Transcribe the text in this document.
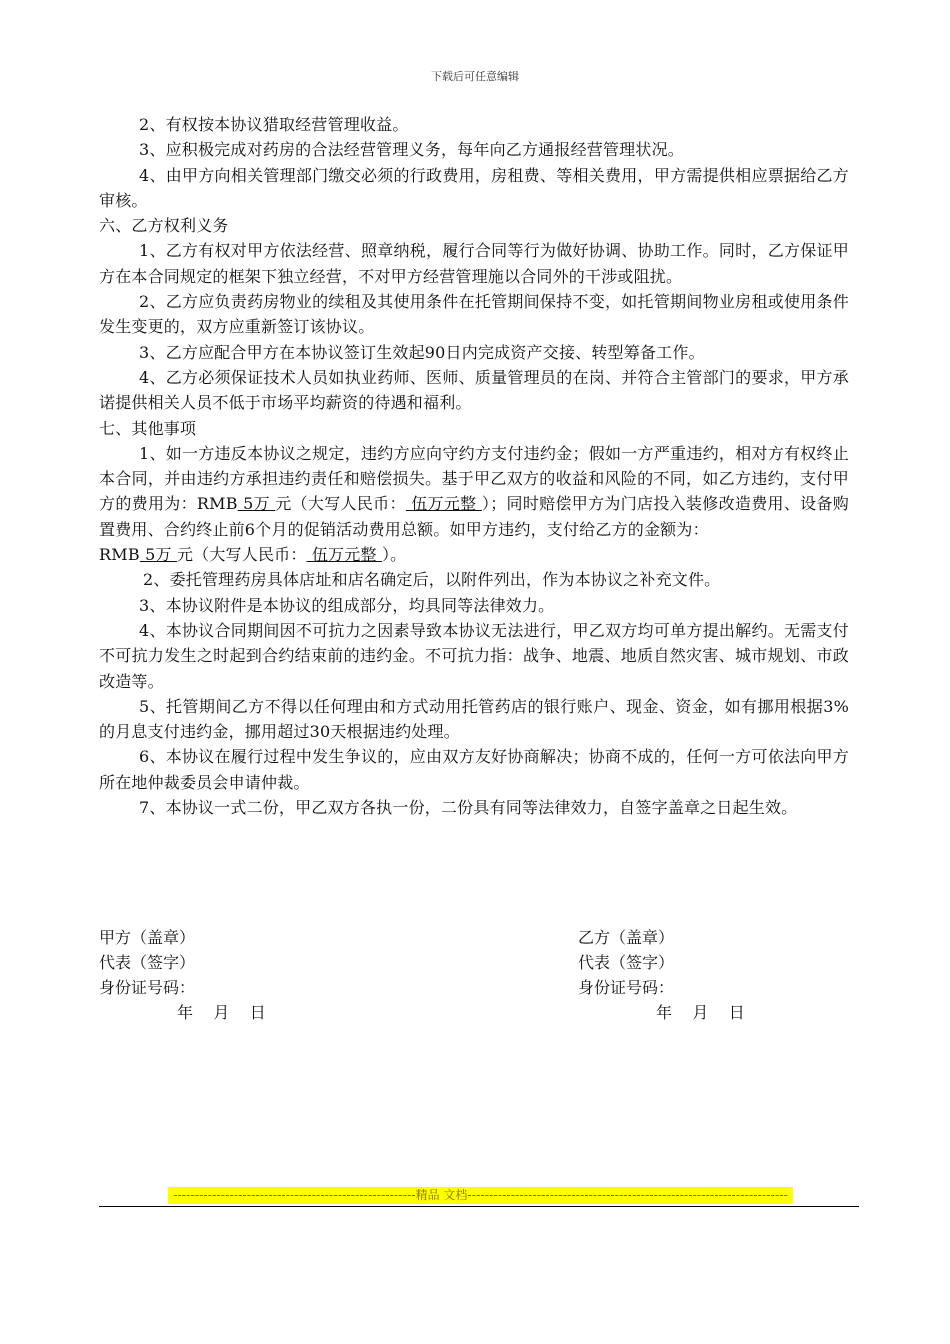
下载后可任意编辑

2、有权按本协议猎取经营管理收益。

3、应积极完成对药房的合法经营管理义务，每年向乙方通报经营管理状况。

4、由甲方向相关管理部门缴交必须的行政费用，房租费、等相关费用，甲方需提供相应票据给乙方审核。

六、乙方权利义务

1、乙方有权对甲方依法经营、照章纳税，履行合同等行为做好协调、协助工作。同时，乙方保证甲方在本合同规定的框架下独立经营，不对甲方经营管理施以合同外的干涉或阻扰。

2、乙方应负责药房物业的续租及其使用条件在托管期间保持不变，如托管期间物业房租或使用条件发生变更的，双方应重新签订该协议。

3、乙方应配合甲方在本协议签订生效起90日内完成资产交接、转型筹备工作。

4、乙方必须保证技术人员如执业药师、医师、质量管理员的在岗、并符合主管部门的要求，甲方承诺提供相关人员不低于市场平均薪资的待遇和福利。

七、其他事项

1、如一方违反本协议之规定，违约方应向守约方支付违约金；假如一方严重违约，相对方有权终止本合同，并由违约方承担违约责任和赔偿损失。基于甲乙双方的收益和风险的不同，如乙方违约，支付甲方的费用为：RMB 5万 元（大写人民币： 伍万元整 ）；同时赔偿甲方为门店投入装修改造费用、设备购置费用、合约终止前6个月的促销活动费用总额。如甲方违约，支付给乙方的金额为：

RMB 5万 元（大写人民币： 伍万元整 ）。

2、委托管理药房具体店址和店名确定后，以附件列出，作为本协议之补充文件。

3、本协议附件是本协议的组成部分，均具同等法律效力。

4、本协议合同期间因不可抗力之因素导致本协议无法进行，甲乙双方均可单方提出解约。无需支付不可抗力发生之时起到合约结束前的违约金。不可抗力指：战争、地震、地质自然灾害、城市规划、市政改造等。

5、托管期间乙方不得以任何理由和方式动用托管药店的银行账户、现金、资金，如有挪用根据3%的月息支付违约金，挪用超过30天根据违约处理。

6、本协议在履行过程中发生争议的，应由双方友好协商解决；协商不成的，任何一方可依法向甲方所在地仲裁委员会申请仲裁。

7、本协议一式二份，甲乙双方各执一份，二份具有同等法律效力，自签字盖章之日起生效。

甲方（盖章）
代表（签字）
身份证号码：
年    月    日
乙方（盖章）
代表（签字）
身份证号码：
年    月    日
--------------------------------------------------------精品 文档--------------------------------------------------------------------------
